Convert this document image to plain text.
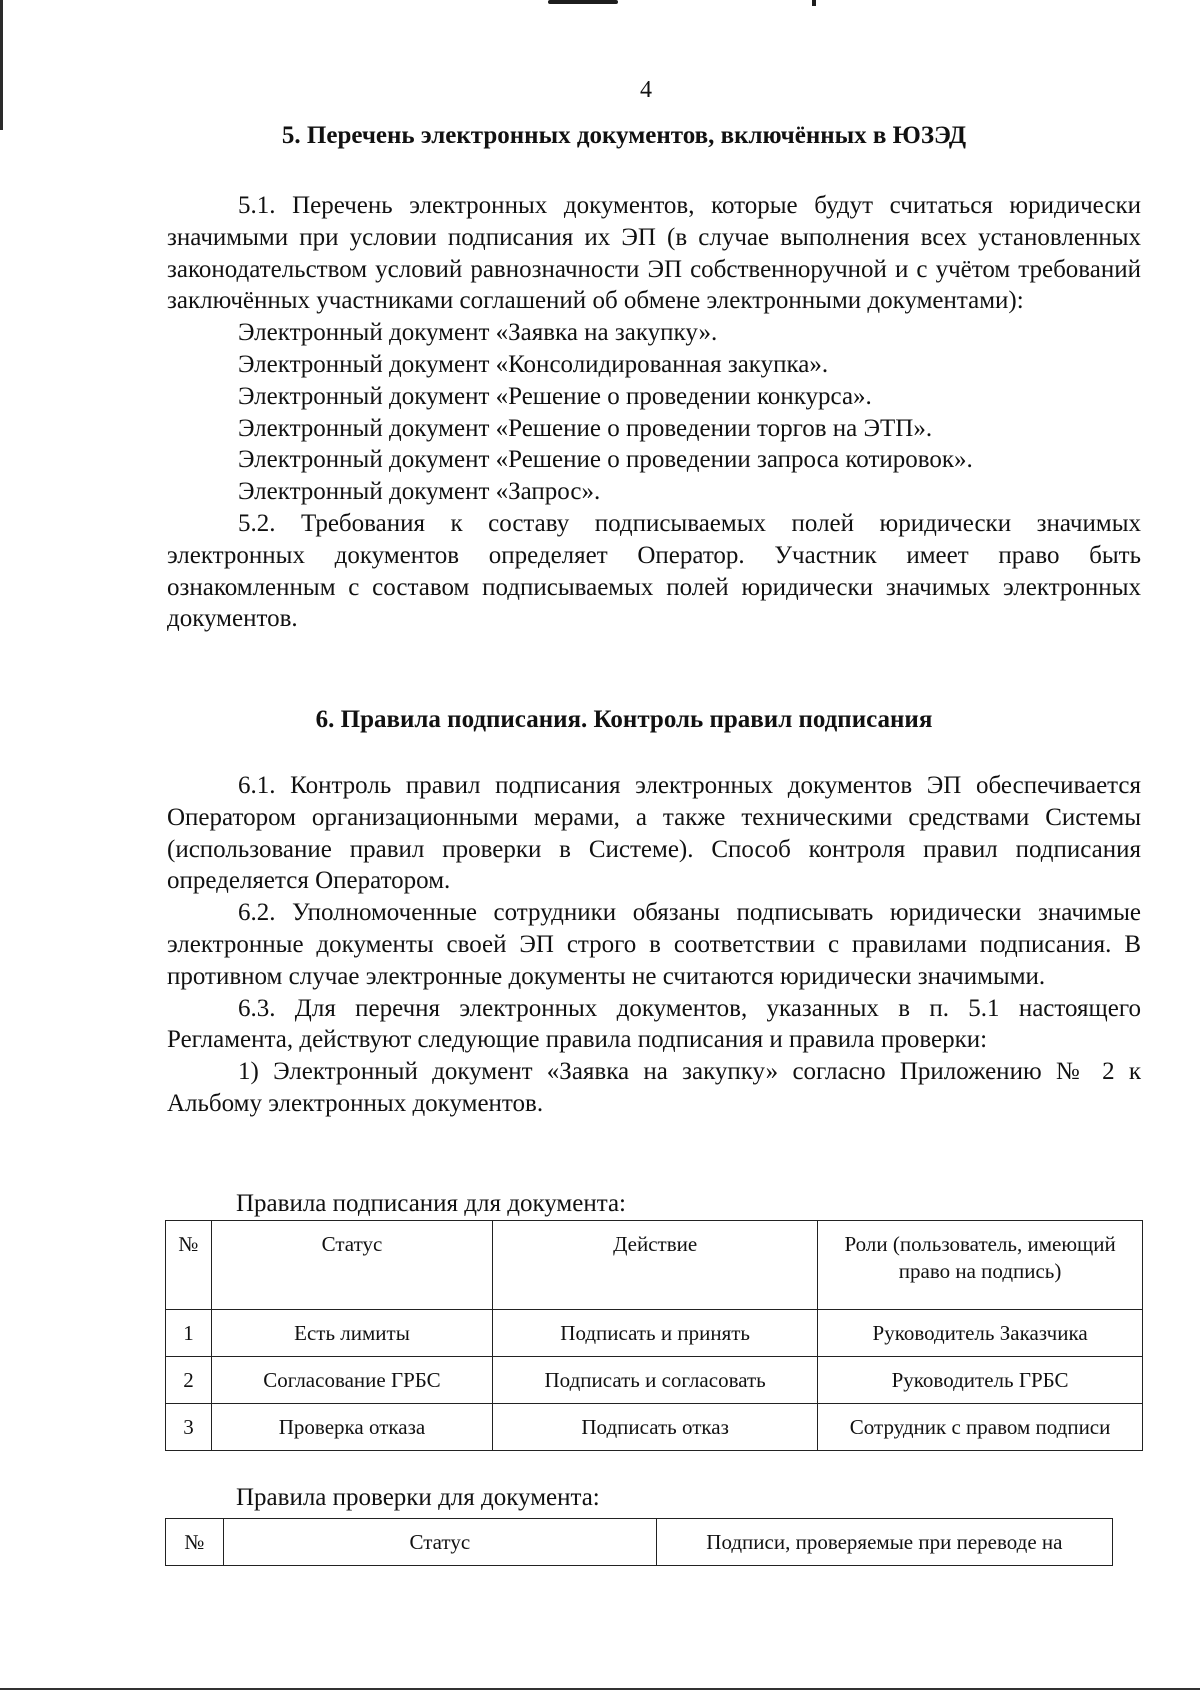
4
5. Перечень электронных документов, включённых в ЮЗЭД

5.1. Перечень электронных документов, которые будут считаться юридически значимыми при условии подписания их ЭП (в случае выполнения всех установленных законодательством условий равнозначности ЭП собственноручной и с учётом требований заключённых участниками соглашений об обмене электронными документами):

Электронный документ «Заявка на закупку».

Электронный документ «Консолидированная закупка».

Электронный документ «Решение о проведении конкурса».

Электронный документ «Решение о проведении торгов на ЭТП».

Электронный документ «Решение о проведении запроса котировок».

Электронный документ «Запрос».

5.2. Требования к составу подписываемых полей юридически значимых электронных документов определяет Оператор. Участник имеет право быть ознакомленным с составом подписываемых полей юридически значимых электронных документов.

6. Правила подписания. Контроль правил подписания

6.1. Контроль правил подписания электронных документов ЭП обеспечивается Оператором организационными мерами, а также техническими средствами Системы (использование правил проверки в Системе). Способ контроля правил подписания определяется Оператором.

6.2. Уполномоченные сотрудники обязаны подписывать юридически значимые электронные документы своей ЭП строго в соответствии с правилами подписания. В противном случае электронные документы не считаются юридически значимыми.

6.3. Для перечня электронных документов, указанных в п. 5.1 настоящего Регламента, действуют следующие правила подписания и правила проверки:

1) Электронный документ «Заявка на закупку» согласно Приложению № 2 к Альбому электронных документов.

Правила подписания для документа:
№	Статус	Действие	Роли (пользователь, имеющий право на подпись)
1	Есть лимиты	Подписать и принять	Руководитель Заказчика
2	Согласование ГРБС	Подписать и согласовать	Руководитель ГРБС
3	Проверка отказа	Подписать отказ	Сотрудник с правом подписи
Правила проверки для документа:
№	Статус	Подписи, проверяемые при переводе на
